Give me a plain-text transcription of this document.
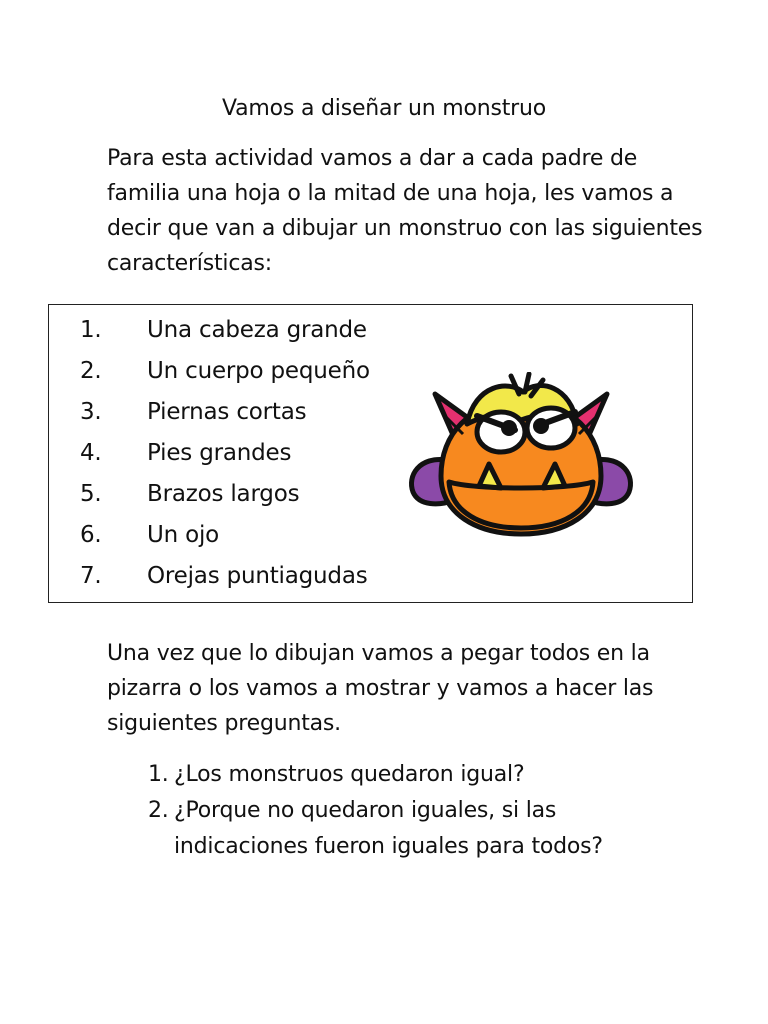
Vamos a diseñar un monstruo

Para esta actividad vamos a dar a cada padre de familia una hoja o la mitad de una hoja, les vamos a decir que van a dibujar un monstruo con las siguientes características:

1.	Una cabeza grande
2.	Un cuerpo pequeño
3.	Piernas cortas
4.	Pies grandes
5.	Brazos largos
6.	Un ojo
7.	Orejas puntiagudas

Una vez que lo dibujan vamos a pegar todos en la pizarra o los vamos a mostrar y vamos a hacer las siguientes preguntas.

1. ¿Los monstruos quedaron igual?
2. ¿Porque no quedaron iguales, si las indicaciones fueron iguales para todos?
